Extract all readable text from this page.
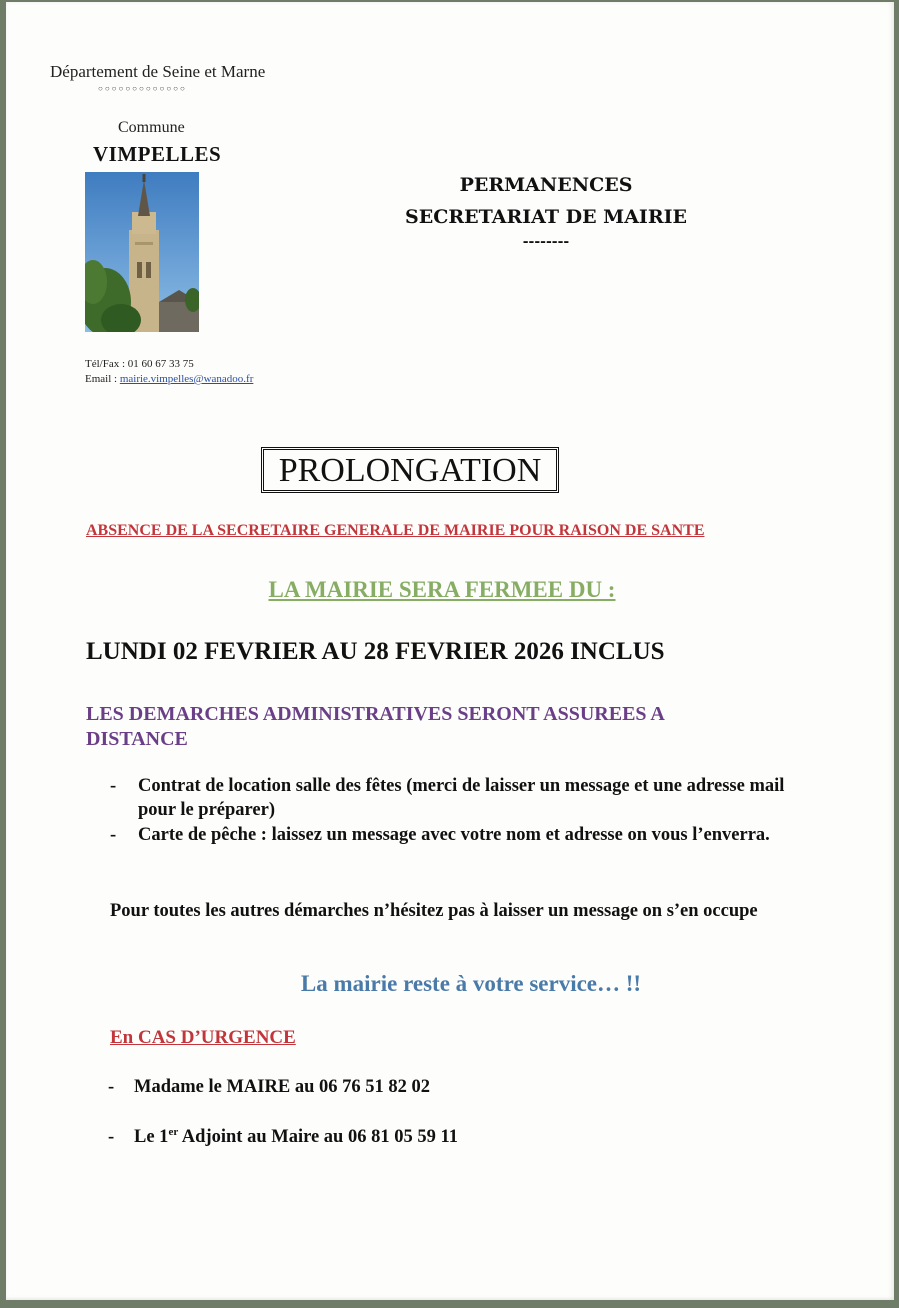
Département de Seine et Marne
○○○○○○○○○○○○○
Commune
VIMPELLES
Tél/Fax : 01 60 67 33 75
Email : mairie.vimpelles@wanadoo.fr
PERMANENCES
SECRETARIAT DE MAIRIE
--------
PROLONGATION
ABSENCE DE LA SECRETAIRE GENERALE DE MAIRIE POUR RAISON DE SANTE
LA MAIRIE SERA FERMEE DU :
LUNDI 02 FEVRIER AU 28 FEVRIER 2026 INCLUS
LES DEMARCHES ADMINISTRATIVES SERONT ASSUREES A DISTANCE
- Contrat de location salle des fêtes (merci de laisser un message et une adresse mail pour le préparer)
- Carte de pêche : laissez un message avec votre nom et adresse on vous l’enverra.
Pour toutes les autres démarches n’hésitez pas à laisser un message on s’en occupe
La mairie reste à votre service… !!
En CAS D’URGENCE
- Madame le MAIRE au 06 76 51 82 02
- Le 1er Adjoint au Maire au 06 81 05 59 11
